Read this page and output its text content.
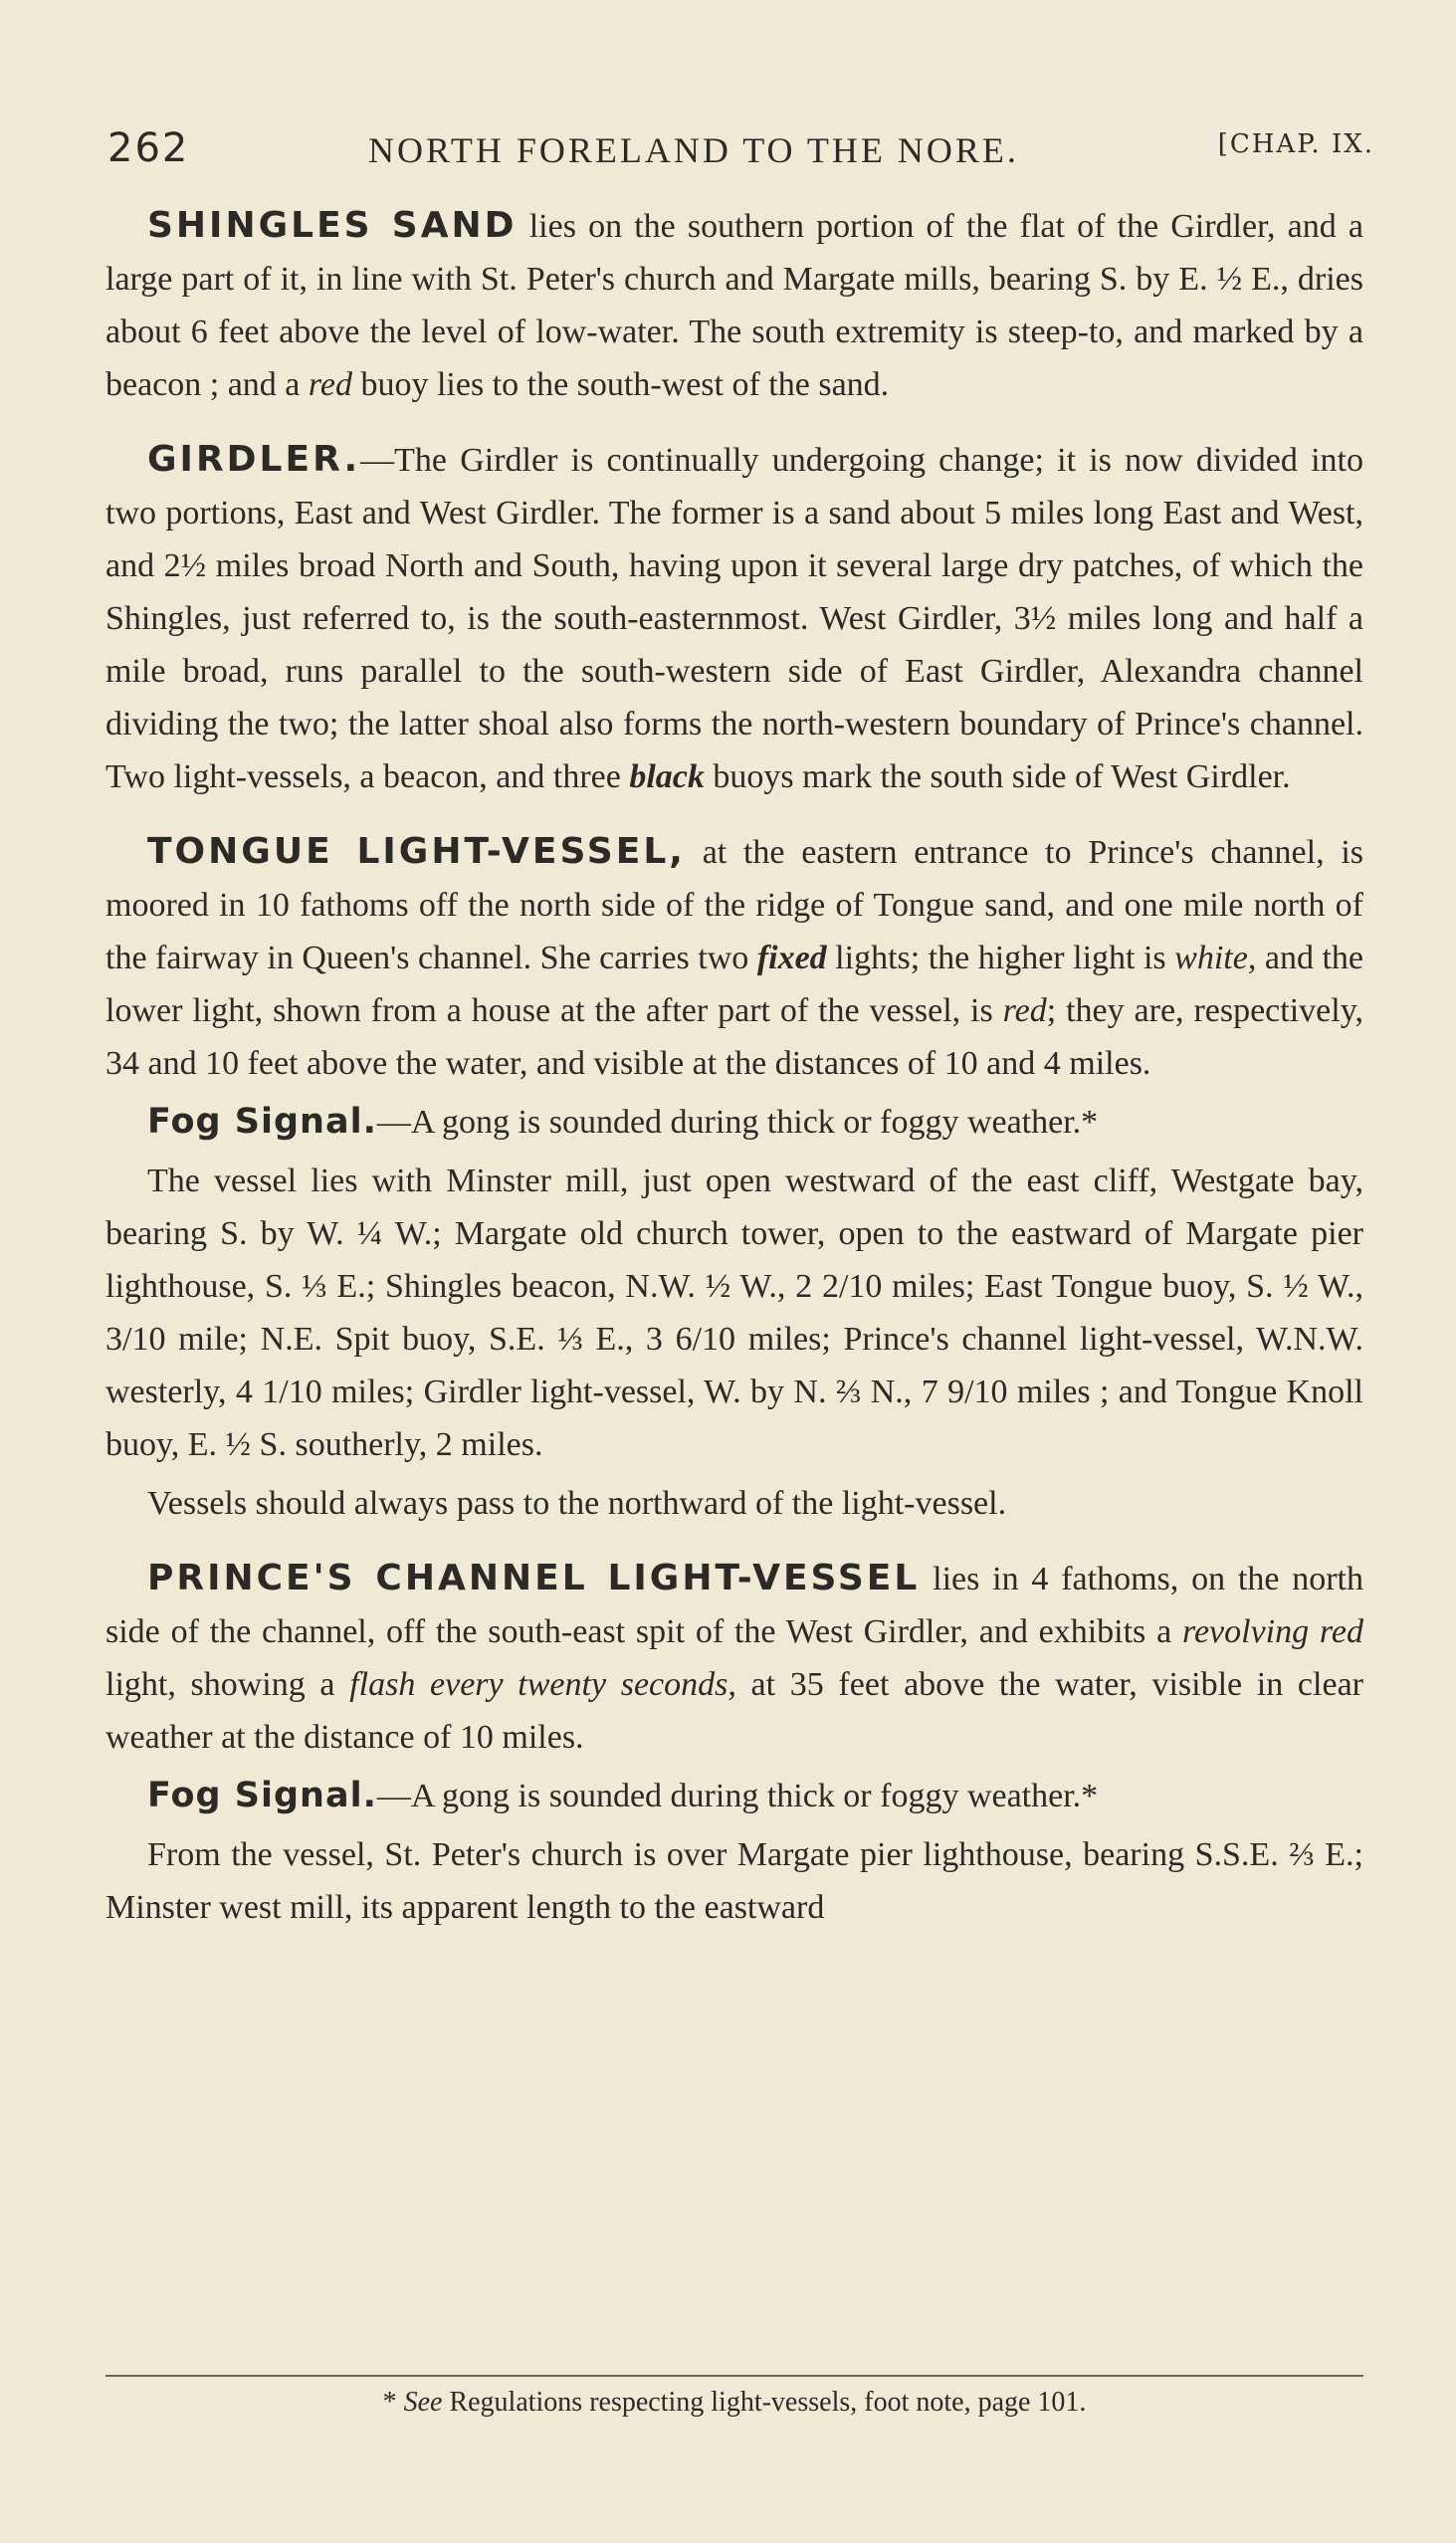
262	NORTH FORELAND TO THE NORE.	[CHAP. IX.

SHINGLES SAND lies on the southern portion of the flat of the Girdler, and a large part of it, in line with St. Peter's church and Margate mills, bearing S. by E. ½ E., dries about 6 feet above the level of low-water. The south extremity is steep-to, and marked by a beacon ; and a red buoy lies to the south-west of the sand.

GIRDLER.—The Girdler is continually undergoing change; it is now divided into two portions, East and West Girdler. The former is a sand about 5 miles long East and West, and 2½ miles broad North and South, having upon it several large dry patches, of which the Shingles, just referred to, is the south-easternmost. West Girdler, 3½ miles long and half a mile broad, runs parallel to the south-western side of East Girdler, Alexandra channel dividing the two; the latter shoal also forms the north-western boundary of Prince's channel. Two light-vessels, a beacon, and three black buoys mark the south side of West Girdler.

TONGUE LIGHT-VESSEL, at the eastern entrance to Prince's channel, is moored in 10 fathoms off the north side of the ridge of Tongue sand, and one mile north of the fairway in Queen's channel. She carries two fixed lights; the higher light is white, and the lower light, shown from a house at the after part of the vessel, is red; they are, respectively, 34 and 10 feet above the water, and visible at the distances of 10 and 4 miles.

Fog Signal.—A gong is sounded during thick or foggy weather.*

The vessel lies with Minster mill, just open westward of the east cliff, Westgate bay, bearing S. by W. ¼ W.; Margate old church tower, open to the eastward of Margate pier lighthouse, S. ⅓ E.; Shingles beacon, N.W. ½ W., 2 2/10 miles; East Tongue buoy, S. ½ W., 3/10 mile; N.E. Spit buoy, S.E. ⅓ E., 3 6/10 miles; Prince's channel light-vessel, W.N.W. westerly, 4 1/10 miles; Girdler light-vessel, W. by N. ⅔ N., 7 9/10 miles ; and Tongue Knoll buoy, E. ½ S. southerly, 2 miles.

Vessels should always pass to the northward of the light-vessel.

PRINCE'S CHANNEL LIGHT-VESSEL lies in 4 fathoms, on the north side of the channel, off the south-east spit of the West Girdler, and exhibits a revolving red light, showing a flash every twenty seconds, at 35 feet above the water, visible in clear weather at the distance of 10 miles.

Fog Signal.—A gong is sounded during thick or foggy weather.*

From the vessel, St. Peter's church is over Margate pier lighthouse, bearing S.S.E. ⅔ E.; Minster west mill, its apparent length to the eastward

* See Regulations respecting light-vessels, foot note, page 101.
